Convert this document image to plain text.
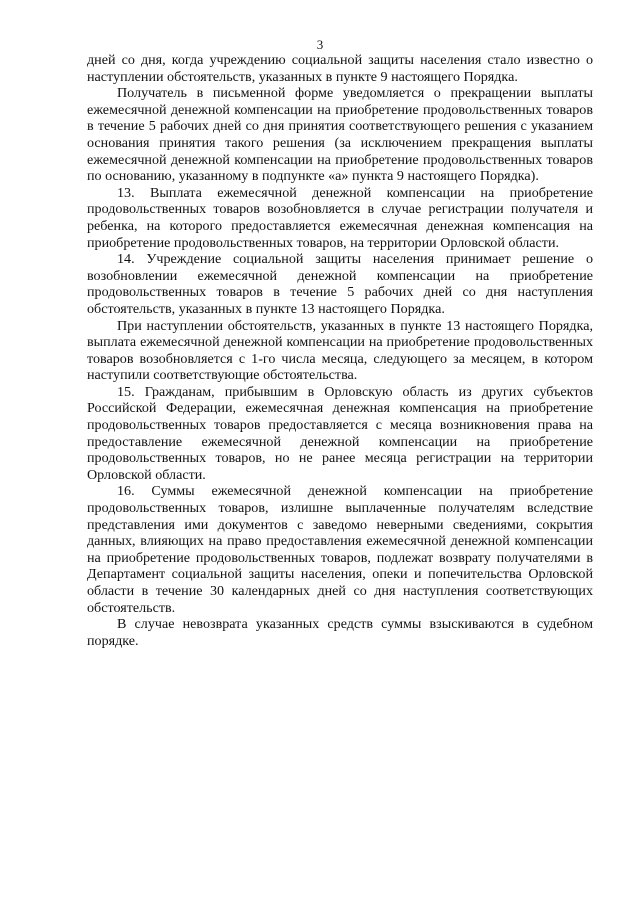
3

дней со дня, когда учреждению социальной защиты населения стало известно о наступлении обстоятельств, указанных в пункте 9 настоящего Порядка.

Получатель в письменной форме уведомляется о прекращении выплаты ежемесячной денежной компенсации на приобретение продовольственных товаров в течение 5 рабочих дней со дня принятия соответствующего решения с указанием основания принятия такого решения (за исключением прекращения выплаты ежемесячной денежной компенсации на приобретение продовольственных товаров по основанию, указанному в подпункте «а» пункта 9 настоящего Порядка).

13. Выплата ежемесячной денежной компенсации на приобретение продовольственных товаров возобновляется в случае регистрации получателя и ребенка, на которого предоставляется ежемесячная денежная компенсация на приобретение продовольственных товаров, на территории Орловской области.

14. Учреждение социальной защиты населения принимает решение о возобновлении ежемесячной денежной компенсации на приобретение продовольственных товаров в течение 5 рабочих дней со дня наступления обстоятельств, указанных в пункте 13 настоящего Порядка.

При наступлении обстоятельств, указанных в пункте 13 настоящего Порядка, выплата ежемесячной денежной компенсации на приобретение продовольственных товаров возобновляется с 1-го числа месяца, следующего за месяцем, в котором наступили соответствующие обстоятельства.

15. Гражданам, прибывшим в Орловскую область из других субъектов Российской Федерации, ежемесячная денежная компенсация на приобретение продовольственных товаров предоставляется с месяца возникновения права на предоставление ежемесячной денежной компенсации на приобретение продовольственных товаров, но не ранее месяца регистрации на территории Орловской области.

16. Суммы ежемесячной денежной компенсации на приобретение продовольственных товаров, излишне выплаченные получателям вследствие представления ими документов с заведомо неверными сведениями, сокрытия данных, влияющих на право предоставления ежемесячной денежной компенсации на приобретение продовольственных товаров, подлежат возврату получателями в Департамент социальной защиты населения, опеки и попечительства Орловской области в течение 30 календарных дней со дня наступления соответствующих обстоятельств.

В случае невозврата указанных средств суммы взыскиваются в судебном порядке.
